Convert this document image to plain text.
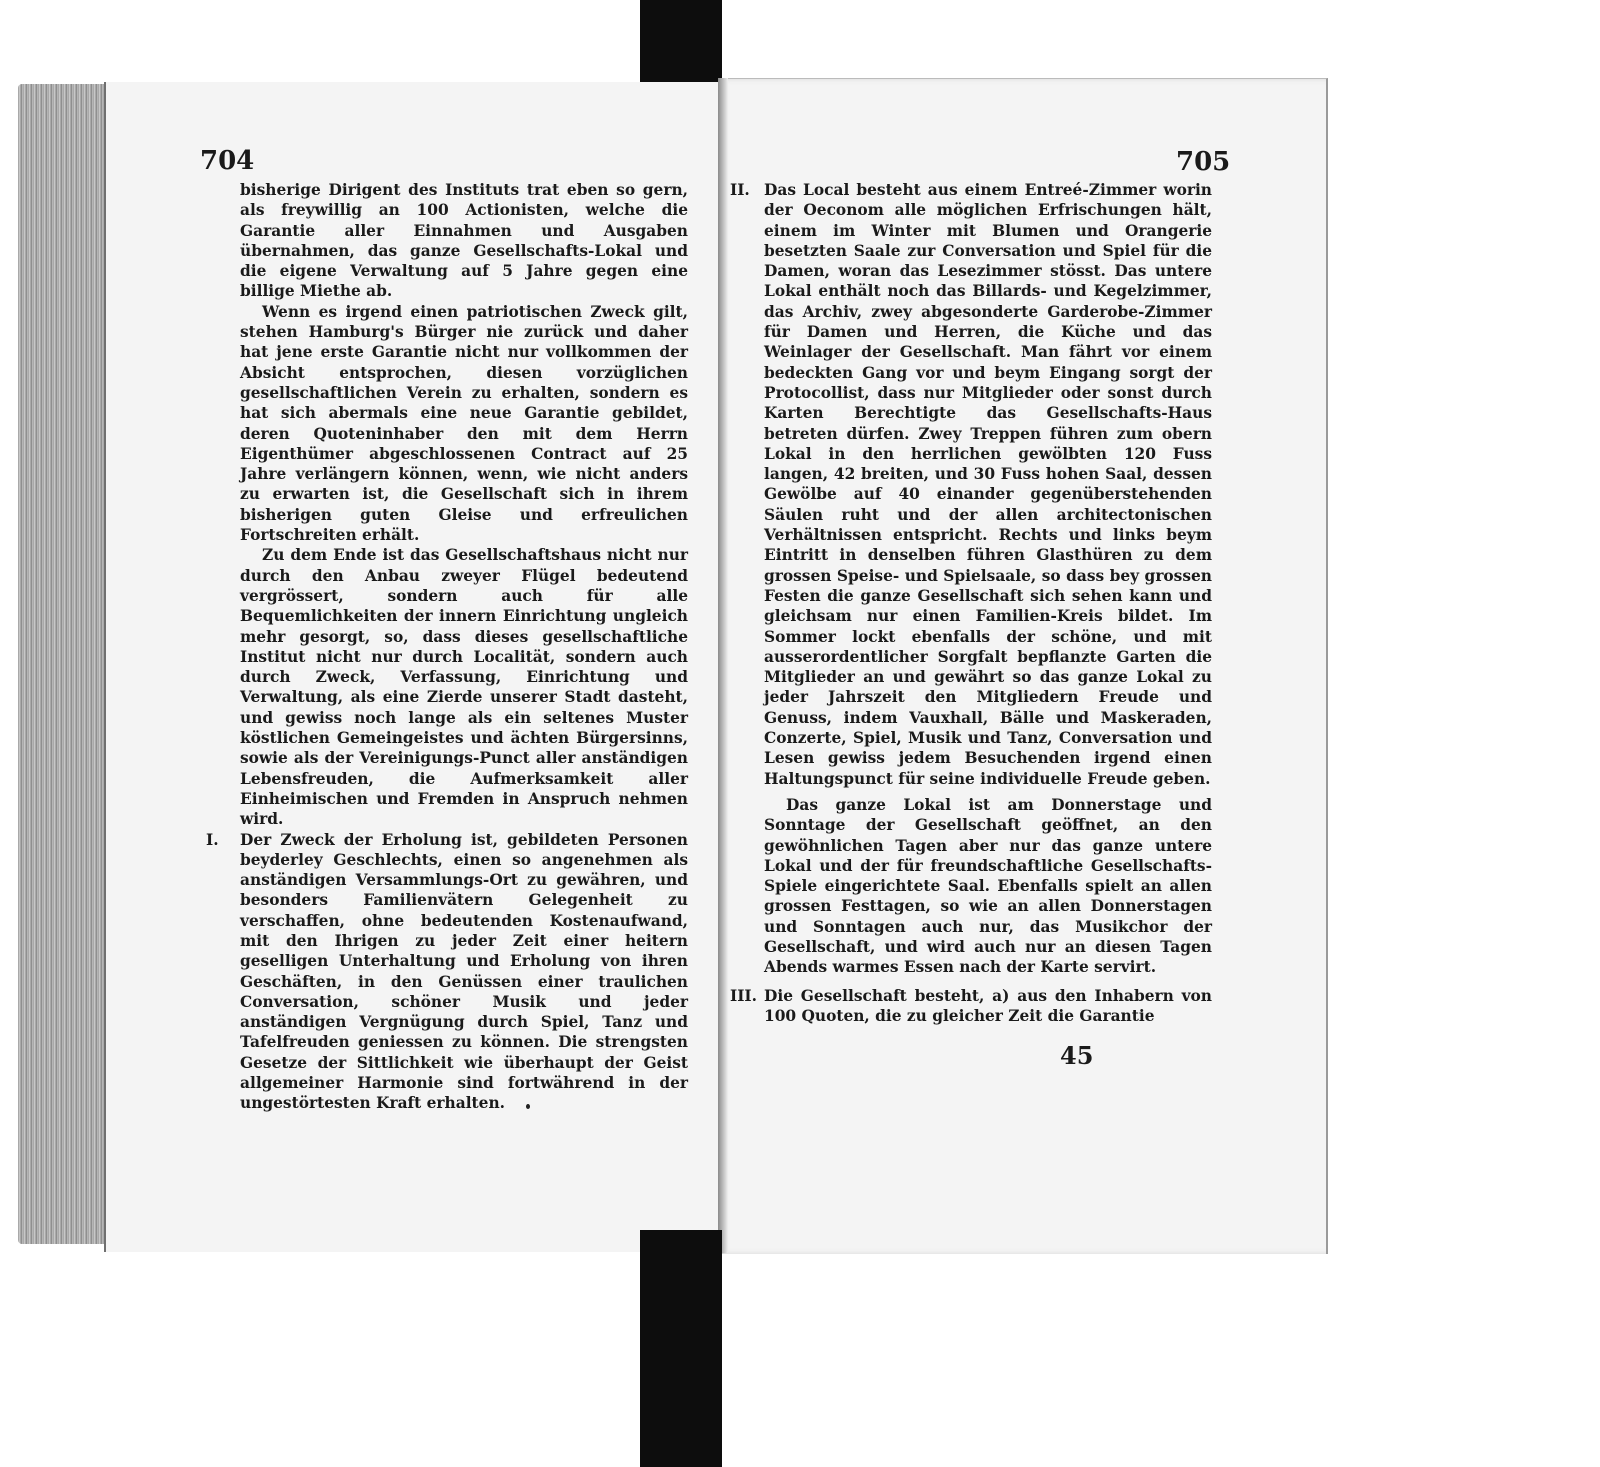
704

bisherige Dirigent des Instituts trat eben so gern, als freywillig an 100 Actionisten, welche die Garantie aller Einnahmen und Ausgaben übernahmen, das ganze Gesellschafts-Lokal und die eigene Verwaltung auf 5 Jahre gegen eine billige Miethe ab.

Wenn es irgend einen patriotischen Zweck gilt, stehen Hamburg's Bürger nie zurück und daher hat jene erste Garantie nicht nur vollkommen der Absicht entsprochen, diesen vorzüglichen gesellschaftlichen Verein zu erhalten, sondern es hat sich abermals eine neue Garantie gebildet, deren Quoteninhaber den mit dem Herrn Eigenthümer abgeschlossenen Contract auf 25 Jahre verlängern können, wenn, wie nicht anders zu erwarten ist, die Gesellschaft sich in ihrem bisherigen guten Gleise und erfreulichen Fortschreiten erhält.

Zu dem Ende ist das Gesellschaftshaus nicht nur durch den Anbau zweyer Flügel bedeutend vergrössert, sondern auch für alle Bequemlichkeiten der innern Einrichtung ungleich mehr gesorgt, so, dass dieses gesellschaftliche Institut nicht nur durch Localität, sondern auch durch Zweck, Verfassung, Einrichtung und Verwaltung, als eine Zierde unserer Stadt dasteht, und gewiss noch lange als ein seltenes Muster köstlichen Gemeingeistes und ächten Bürgersinns, sowie als der Vereinigungs-Punct aller anständigen Lebensfreuden, die Aufmerksamkeit aller Einheimischen und Fremden in Anspruch nehmen wird.

I. Der Zweck der Erholung ist, gebildeten Personen beyderley Geschlechts, einen so angenehmen als anständigen Versammlungs-Ort zu gewähren, und besonders Familienvätern Gelegenheit zu verschaffen, ohne bedeutenden Kostenaufwand, mit den Ihrigen zu jeder Zeit einer heitern geselligen Unterhaltung und Erholung von ihren Geschäften, in den Genüssen einer traulichen Conversation, schöner Musik und jeder anständigen Vergnügung durch Spiel, Tanz und Tafelfreuden geniessen zu können. Die strengsten Gesetze der Sittlichkeit wie überhaupt der Geist allgemeiner Harmonie sind fortwährend in der ungestörtesten Kraft erhalten.

705
II. Das Local besteht aus einem Entreé-Zimmer worin der Oeconom alle möglichen Erfrischungen hält, einem im Winter mit Blumen und Orangerie besetzten Saale zur Conversation und Spiel für die Damen, woran das Lesezimmer stösst. Das untere Lokal enthält noch das Billards- und Kegelzimmer, das Archiv, zwey abgesonderte Garderobe-Zimmer für Damen und Herren, die Küche und das Weinlager der Gesellschaft. Man fährt vor einem bedeckten Gang vor und beym Eingang sorgt der Protocollist, dass nur Mitglieder oder sonst durch Karten Berechtigte das Gesellschafts-Haus betreten dürfen. Zwey Treppen führen zum obern Lokal in den herrlichen gewölbten 120 Fuss langen, 42 breiten, und 30 Fuss hohen Saal, dessen Gewölbe auf 40 einander gegenüberstehenden Säulen ruht und der allen architectonischen Verhältnissen entspricht. Rechts und links beym Eintritt in denselben führen Glasthüren zu dem grossen Speise- und Spielsaale, so dass bey grossen Festen die ganze Gesellschaft sich sehen kann und gleichsam nur einen Familien-Kreis bildet. Im Sommer lockt ebenfalls der schöne, und mit ausserordentlicher Sorgfalt bepflanzte Garten die Mitglieder an und gewährt so das ganze Lokal zu jeder Jahrszeit den Mitgliedern Freude und Genuss, indem Vauxhall, Bälle und Maskeraden, Conzerte, Spiel, Musik und Tanz, Conversation und Lesen gewiss jedem Besuchenden irgend einen Haltungspunct für seine individuelle Freude geben.

Das ganze Lokal ist am Donnerstage und Sonntage der Gesellschaft geöffnet, an den gewöhnlichen Tagen aber nur das ganze untere Lokal und der für freundschaftliche Gesellschafts-Spiele eingerichtete Saal. Ebenfalls spielt an allen grossen Festtagen, so wie an allen Donnerstagen und Sonntagen auch nur, das Musikchor der Gesellschaft, und wird auch nur an diesen Tagen Abends warmes Essen nach der Karte servirt.

III. Die Gesellschaft besteht, a) aus den Inhabern von 100 Quoten, die zu gleicher Zeit die Garantie

45
